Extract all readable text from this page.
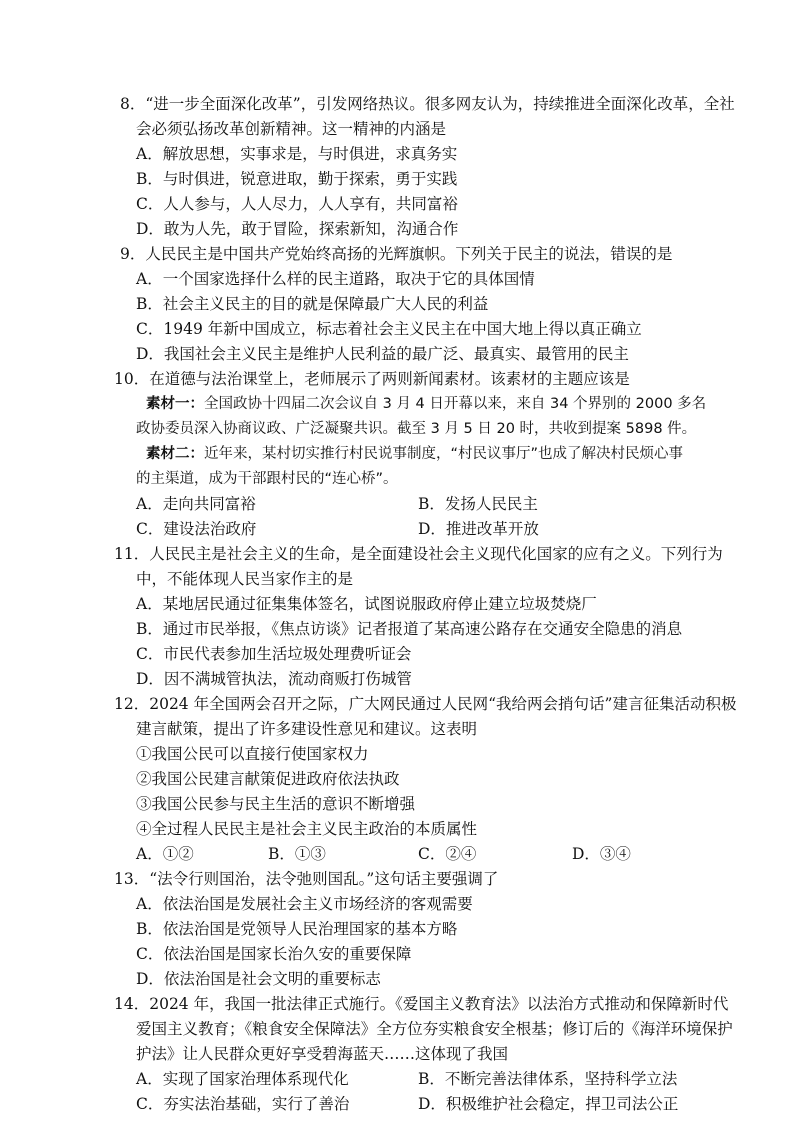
8．“进一步全面深化改革”，引发网络热议。很多网友认为，持续推进全面深化改革，全社
会必须弘扬改革创新精神。这一精神的内涵是
A．解放思想，实事求是，与时俱进，求真务实
B．与时俱进，锐意进取，勤于探索，勇于实践
C．人人参与，人人尽力，人人享有，共同富裕
D．敢为人先，敢于冒险，探索新知，沟通合作
9．人民民主是中国共产党始终高扬的光辉旗帜。下列关于民主的说法，错误的是
A．一个国家选择什么样的民主道路，取决于它的具体国情
B．社会主义民主的目的就是保障最广大人民的利益
C．1949 年新中国成立，标志着社会主义民主在中国大地上得以真正确立
D．我国社会主义民主是维护人民利益的最广泛、最真实、最管用的民主
10．在道德与法治课堂上，老师展示了两则新闻素材。该素材的主题应该是
素材一：全国政协十四届二次会议自 3 月 4 日开幕以来，来自 34 个界别的 2000 多名
政协委员深入协商议政、广泛凝聚共识。截至 3 月 5 日 20 时，共收到提案 5898 件。
素材二：近年来，某村切实推行村民说事制度，“村民议事厅”也成了解决村民烦心事
的主渠道，成为干部跟村民的“连心桥”。
A．走向共同富裕	B．发扬人民民主
C．建设法治政府	D．推进改革开放
11．人民民主是社会主义的生命，是全面建设社会主义现代化国家的应有之义。下列行为
中，不能体现人民当家作主的是
A．某地居民通过征集集体签名，试图说服政府停止建立垃圾焚烧厂
B．通过市民举报，《焦点访谈》记者报道了某高速公路存在交通安全隐患的消息
C．市民代表参加生活垃圾处理费听证会
D．因不满城管执法，流动商贩打伤城管
12．2024 年全国两会召开之际，广大网民通过人民网“我给两会捎句话”建言征集活动积极
建言献策，提出了许多建设性意见和建议。这表明
①我国公民可以直接行使国家权力
②我国公民建言献策促进政府依法执政
③我国公民参与民主生活的意识不断增强
④全过程人民民主是社会主义民主政治的本质属性
A．①②	B．①③	C．②④	D．③④
13．“法令行则国治，法令弛则国乱。”这句话主要强调了
A．依法治国是发展社会主义市场经济的客观需要
B．依法治国是党领导人民治理国家的基本方略
C．依法治国是国家长治久安的重要保障
D．依法治国是社会文明的重要标志
14．2024 年，我国一批法律正式施行。《爱国主义教育法》以法治方式推动和保障新时代
爱国主义教育；《粮食安全保障法》全方位夯实粮食安全根基；修订后的《海洋环境保护
护法》让人民群众更好享受碧海蓝天……这体现了我国
A．实现了国家治理体系现代化	B．不断完善法律体系，坚持科学立法
C．夯实法治基础，实行了善治	D．积极维护社会稳定，捍卫司法公正
